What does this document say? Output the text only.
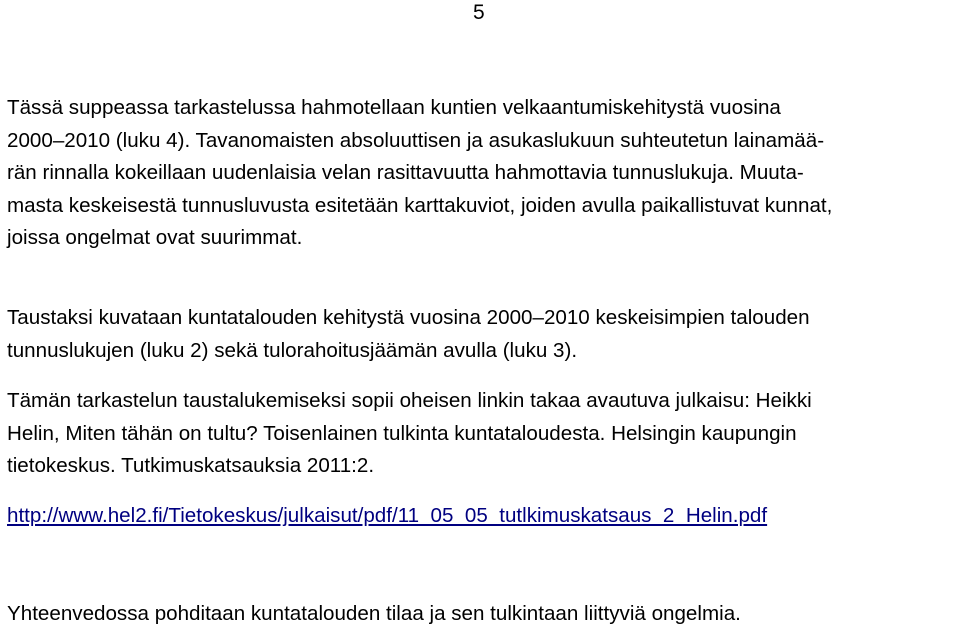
5

Tässä suppeassa tarkastelussa hahmotellaan kuntien velkaantumiskehitystä vuosina
2000–2010 (luku 4). Tavanomaisten absoluuttisen ja asukaslukuun suhteutetun lainamää-
rän rinnalla kokeillaan uudenlaisia velan rasittavuutta hahmottavia tunnuslukuja. Muuta-
masta keskeisestä tunnusluvusta esitetään karttakuviot, joiden avulla paikallistuvat kunnat,
joissa ongelmat ovat suurimmat.

Taustaksi kuvataan kuntatalouden kehitystä vuosina 2000–2010 keskeisimpien talouden
tunnuslukujen (luku 2) sekä tulorahoitusjäämän avulla (luku 3).

Tämän tarkastelun taustalukemiseksi sopii oheisen linkin takaa avautuva julkaisu: Heikki
Helin, Miten tähän on tultu? Toisenlainen tulkinta kuntataloudesta. Helsingin kaupungin
tietokeskus. Tutkimuskatsauksia 2011:2.

http://www.hel2.fi/Tietokeskus/julkaisut/pdf/11_05_05_tutlkimuskatsaus_2_Helin.pdf

Yhteenvedossa pohditaan kuntatalouden tilaa ja sen tulkintaan liittyviä ongelmia.
